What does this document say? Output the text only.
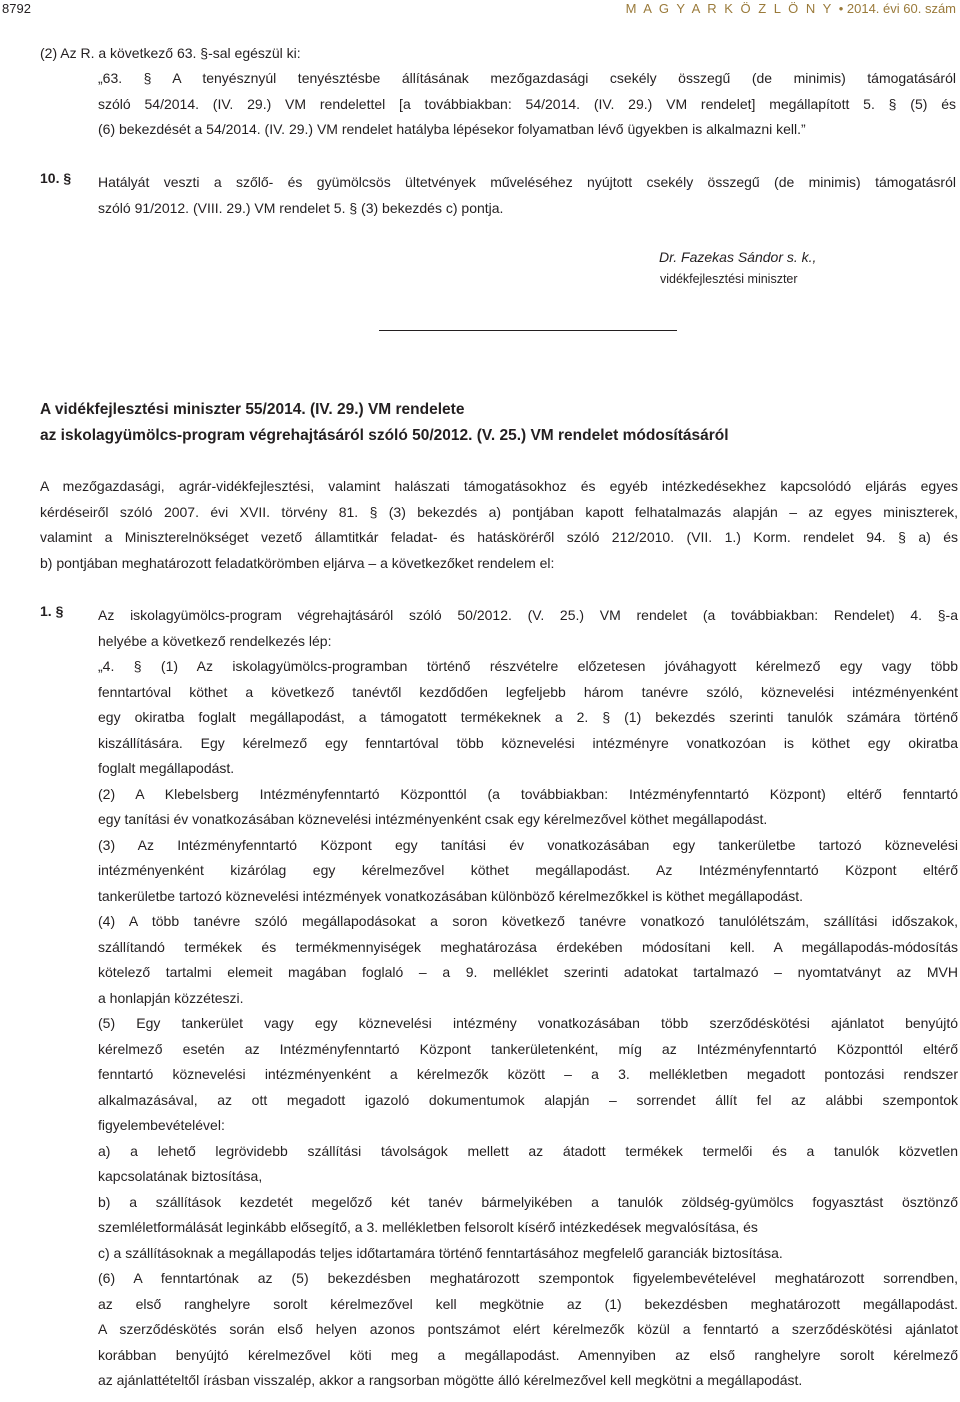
8792	M A G Y A R K Ö Z L Ö N Y • 2014. évi 60. szám

(2) Az R. a következő 63. §-sal egészül ki:

„63. § A tenyésznyúl tenyésztésbe állításának mezőgazdasági csekély összegű (de minimis) támogatásáról
szóló 54/2014. (IV. 29.) VM rendelettel [a továbbiakban: 54/2014. (IV. 29.) VM rendelet] megállapított 5. § (5) és
(6) bekezdését a 54/2014. (IV. 29.) VM rendelet hatályba lépésekor folyamatban lévő ügyekben is alkalmazni kell.”
10. § Hatályát veszti a szőlő- és gyümölcsös ültetvények műveléséhez nyújtott csekély összegű (de minimis) támogatásról
szóló 91/2012. (VIII. 29.) VM rendelet 5. § (3) bekezdés c) pontja.
Dr. Fazekas Sándor s. k.,
vidékfejlesztési miniszter
A vidékfejlesztési miniszter 55/2014. (IV. 29.) VM rendelete
az iskolagyümölcs-program végrehajtásáról szóló 50/2012. (V. 25.) VM rendelet módosításáról
A mezőgazdasági, agrár-vidékfejlesztési, valamint halászati támogatásokhoz és egyéb intézkedésekhez kapcsolódó eljárás egyes
kérdéseiről szóló 2007. évi XVII. törvény 81. § (3) bekezdés a) pontjában kapott felhatalmazás alapján – az egyes miniszterek,
valamint a Miniszterelnökséget vezető államtitkár feladat- és hatásköréről szóló 212/2010. (VII. 1.) Korm. rendelet 94. § a) és
b) pontjában meghatározott feladatkörömben eljárva – a következőket rendelem el:
1. § Az iskolagyümölcs-program végrehajtásáról szóló 50/2012. (V. 25.) VM rendelet (a továbbiakban: Rendelet) 4. §-a
helyébe a következő rendelkezés lép:
„4. § (1) Az iskolagyümölcs-programban történő részvételre előzetesen jóváhagyott kérelmező egy vagy több
fenntartóval köthet a következő tanévtől kezdődően legfeljebb három tanévre szóló, köznevelési intézményenként
egy okiratba foglalt megállapodást, a támogatott termékeknek a 2. § (1) bekezdés szerinti tanulók számára történő
kiszállítására. Egy kérelmező egy fenntartóval több köznevelési intézményre vonatkozóan is köthet egy okiratba
foglalt megállapodást.
(2) A Klebelsberg Intézményfenntartó Központtól (a továbbiakban: Intézményfenntartó Központ) eltérő fenntartó
egy tanítási év vonatkozásában köznevelési intézményenként csak egy kérelmezővel köthet megállapodást.
(3) Az Intézményfenntartó Központ egy tanítási év vonatkozásában egy tankerületbe tartozó köznevelési
intézményenként kizárólag egy kérelmezővel köthet megállapodást. Az Intézményfenntartó Központ eltérő
tankerületbe tartozó köznevelési intézmények vonatkozásában különböző kérelmezőkkel is köthet megállapodást.
(4) A több tanévre szóló megállapodásokat a soron következő tanévre vonatkozó tanulólétszám, szállítási időszakok,
szállítandó termékek és termékmennyiségek meghatározása érdekében módosítani kell. A megállapodás-módosítás
kötelező tartalmi elemeit magában foglaló – a 9. melléklet szerinti adatokat tartalmazó – nyomtatványt az MVH
a honlapján közzéteszi.
(5) Egy tankerület vagy egy köznevelési intézmény vonatkozásában több szerződéskötési ajánlatot benyújtó
kérelmező esetén az Intézményfenntartó Központ tankerületenként, míg az Intézményfenntartó Központtól eltérő
fenntartó köznevelési intézményenként a kérelmezők között – a 3. mellékletben megadott pontozási rendszer
alkalmazásával, az ott megadott igazoló dokumentumok alapján – sorrendet állít fel az alábbi szempontok
figyelembevételével:
a) a lehető legrövidebb szállítási távolságok mellett az átadott termékek termelői és a tanulók közvetlen
kapcsolatának biztosítása,
b) a szállítások kezdetét megelőző két tanév bármelyikében a tanulók zöldség-gyümölcs fogyasztást ösztönző
szemléletformálását leginkább elősegítő, a 3. mellékletben felsorolt kísérő intézkedések megvalósítása, és
c) a szállításoknak a megállapodás teljes időtartamára történő fenntartásához megfelelő garanciák biztosítása.
(6) A fenntartónak az (5) bekezdésben meghatározott szempontok figyelembevételével meghatározott sorrendben,
az első ranghelyre sorolt kérelmezővel kell megkötnie az (1) bekezdésben meghatározott megállapodást.
A szerződéskötés során első helyen azonos pontszámot elért kérelmezők közül a fenntartó a szerződéskötési ajánlatot
korábban benyújtó kérelmezővel köti meg a megállapodást. Amennyiben az első ranghelyre sorolt kérelmező
az ajánlattételtől írásban visszalép, akkor a rangsorban mögötte álló kérelmezővel kell megkötni a megállapodást.
